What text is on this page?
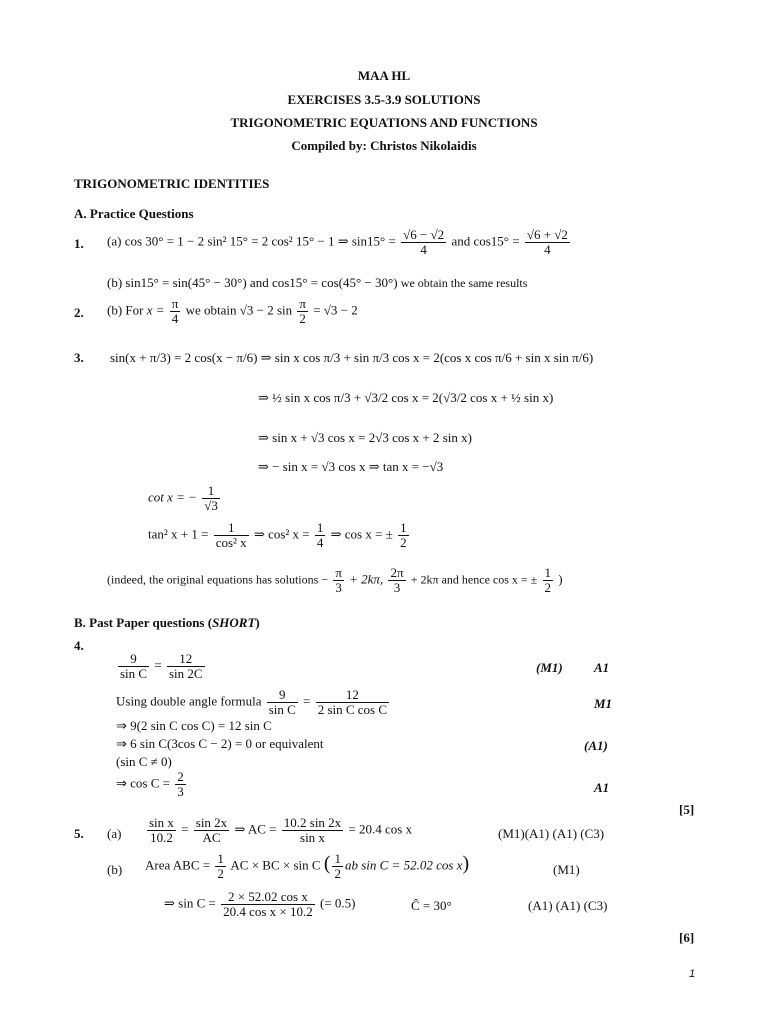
MAA HL
EXERCISES 3.5-3.9 SOLUTIONS
TRIGONOMETRIC EQUATIONS AND FUNCTIONS
Compiled by: Christos Nikolaidis
TRIGONOMETRIC IDENTITIES
A. Practice Questions
1. (a) cos 30° = 1 − 2 sin² 15° = 2 cos² 15° − 1 ⇒ $\sin 15^\circ = \frac{√6 - √2}{4}$ and $\cos 15^\circ = \frac{√6 + √2}{4}$
(b) sin15° = sin(45° − 30°) and cos15° = cos(45° − 30°) we obtain the same results
2. (b) For $x = \frac{\pi}{4}$ we obtain √3 − 2 $\sin \frac{\pi}{2} = √3 - 2$
3. sin(x + π/3) = 2 cos(x − π/6) ⇒ sin x cos π/3 + sin π/3 cos x = 2(cos x cos π/6 + sin x sin π/6)
⇒ ½ sin x cos π/3 + √3/2 cos x = 2(√3/2 cos x + ½ sin x)
⇒ sin x + √3 cos x = 2√3 cos x + 2 sin x)
⇒ − sin x = √3 cos x ⇒ tan x = −√3
cot x = − $\frac{1}{√3}$
tan² $x + 1 = \frac{1}{\text{cos² x}}$ ⇒ cos² $x = \frac{1}{4}$ ⇒ cos x = ± $\frac{1}{2}$
(indeed, the original equations has solutions − $\frac{\pi}{3} + 2k\pi$, $\frac{2\pi}{3} + 2k\pi$ and hence cos x = ± $\frac{1}{2}$ )
B. Past Paper questions (SHORT)
4.
$\frac{9}{\text{sin C}} = \frac{12}{\sin 2C}$	(M1) A1
Using double angle formula $\frac{9}{\text{sin C}} = \frac{12}{\text{2 sin C cos C}}$	M1
⇒ 9(2 sin C cos C) = 12 sin C
⇒ 6 sin C(3cos C − 2) = 0 or equivalent	(A1)
(sin C ≠ 0)
⇒ $\cos C = \frac{2}{3}$	A1
[5]
5. $(a) \frac{\text{sin x}}{10.2} = \frac{\sin 2x}{AC}$ ⇒ AC = $\frac{10.2 \sin 2x}{\text{sin x}} = 20.4$ cos x	(M1)(A1) (A1) (C3)
(b) Area ABC = $\frac{1}{2}$ AC × BC × sin C ( $\frac{1}{2}$ ab sin C = 52.02 cos x)	(M1)
⇒ $\sin C = \frac{\text{2 × 52.02 cos x}}{\text{20.4 cos x × 10.2}}$ (= 0.5)	Ĉ = 30°	(A1) (A1) (C3)
[6]
1
